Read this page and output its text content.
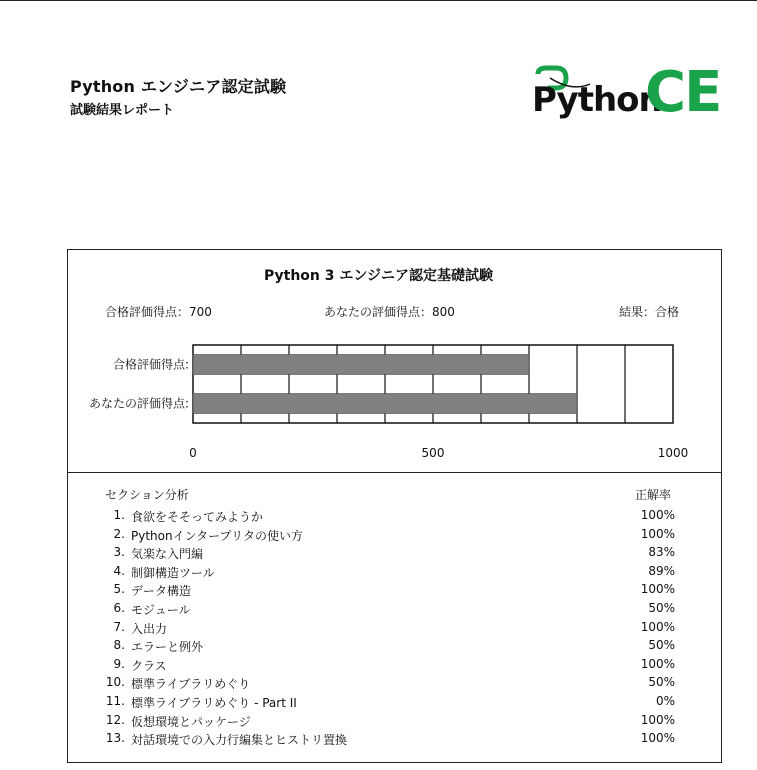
Python エンジニア認定試験
試験結果レポート	Python
CE
Python 3 エンジニア認定基礎試験
合格評価得点：700	あなたの評価得点：800	結果：合格
合格評価得点:
あなたの評価得点:
0	500	1000
セクション分析	正解率
1. 食欲をそそってみようか	100%
2. Pythonインタープリタの使い方	100%
3. 気楽な入門編	83%
4. 制御構造ツール	89%
5. データ構造	100%
6. モジュール	50%
7. 入出力	100%
8. エラーと例外	50%
9. クラス	100%
10. 標準ライブラリめぐり	50%
11. 標準ライブラリめぐり - Part II	0%
12. 仮想環境とパッケージ	100%
13. 対話環境での入力行編集とヒストリ置換	100%
